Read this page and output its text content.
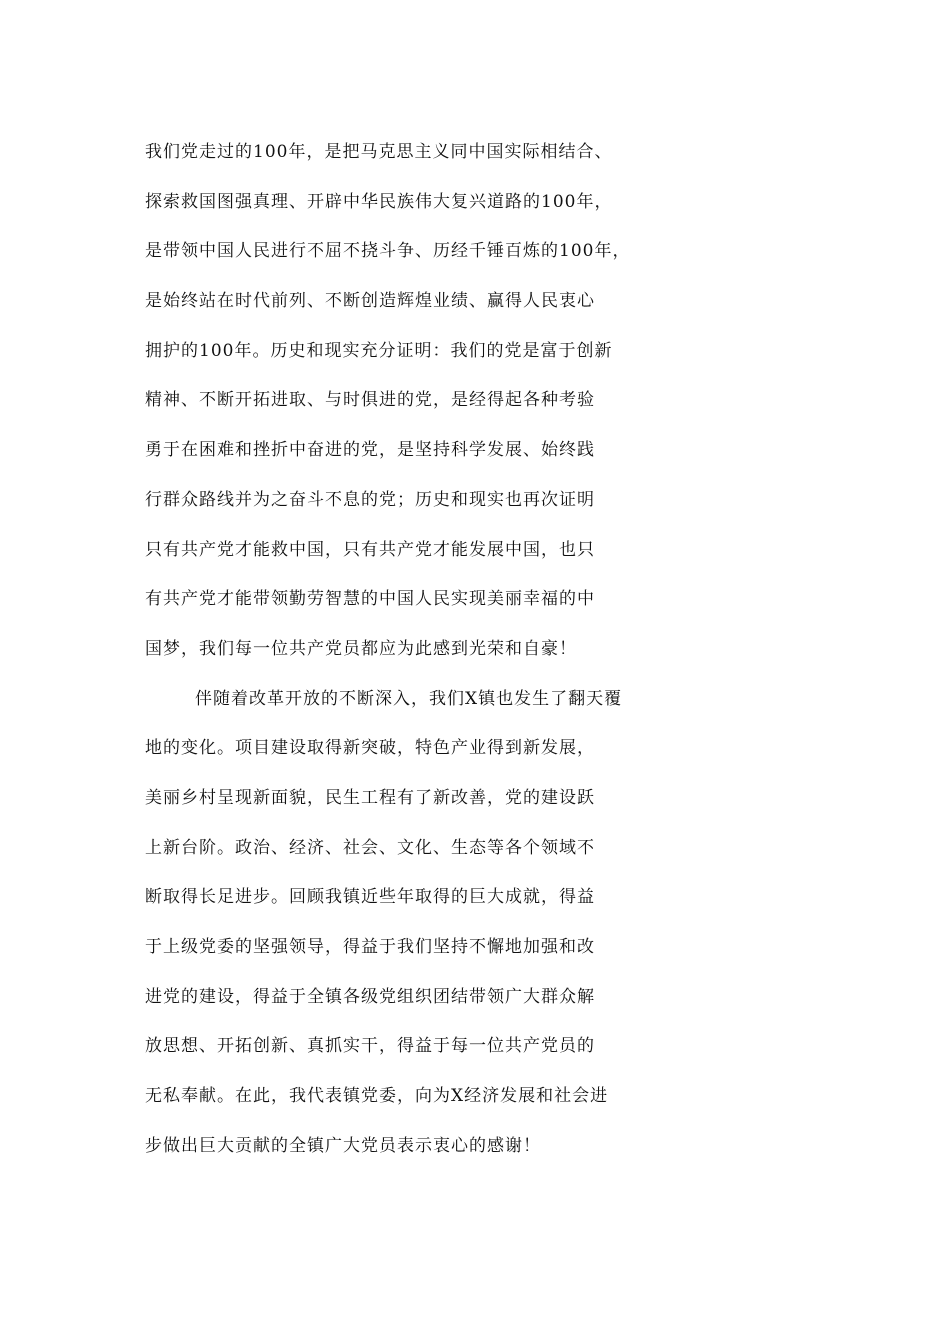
我们党走过的100年，是把马克思主义同中国实际相结合、
探索救国图强真理、开辟中华民族伟大复兴道路的100年，
是带领中国人民进行不屈不挠斗争、历经千锤百炼的100年，
是始终站在时代前列、不断创造辉煌业绩、赢得人民衷心
拥护的100年。历史和现实充分证明：我们的党是富于创新
精神、不断开拓进取、与时俱进的党，是经得起各种考验
勇于在困难和挫折中奋进的党，是坚持科学发展、始终践
行群众路线并为之奋斗不息的党；历史和现实也再次证明
只有共产党才能救中国，只有共产党才能发展中国，也只
有共产党才能带领勤劳智慧的中国人民实现美丽幸福的中
国梦，我们每一位共产党员都应为此感到光荣和自豪！
伴随着改革开放的不断深入，我们X镇也发生了翻天覆
地的变化。项目建设取得新突破，特色产业得到新发展，
美丽乡村呈现新面貌，民生工程有了新改善，党的建设跃
上新台阶。政治、经济、社会、文化、生态等各个领域不
断取得长足进步。回顾我镇近些年取得的巨大成就，得益
于上级党委的坚强领导，得益于我们坚持不懈地加强和改
进党的建设，得益于全镇各级党组织团结带领广大群众解
放思想、开拓创新、真抓实干，得益于每一位共产党员的
无私奉献。在此，我代表镇党委，向为X经济发展和社会进
步做出巨大贡献的全镇广大党员表示衷心的感谢！
